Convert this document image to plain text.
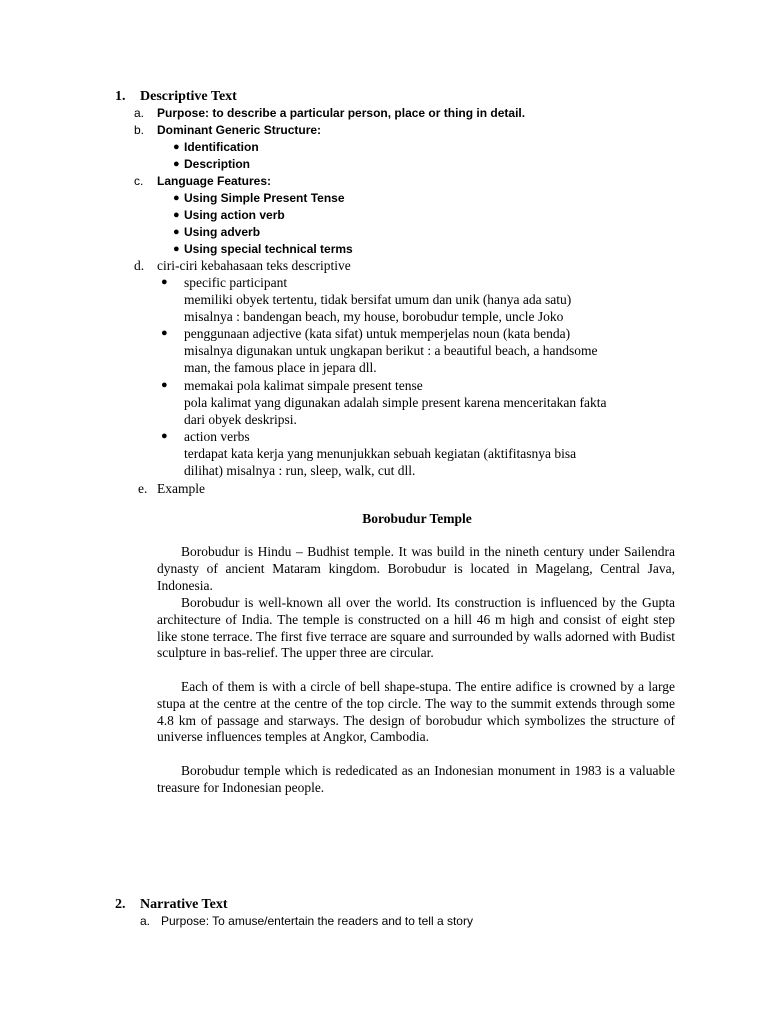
1. Descriptive Text
a. Purpose: to describe a particular person, place or thing in detail.
b. Dominant Generic Structure:
● Identification
● Description
c. Language Features:
● Using Simple Present Tense
● Using action verb
● Using adverb
● Using special technical terms
d. ciri-ciri kebahasaan teks descriptive
● specific participant
memiliki obyek tertentu, tidak bersifat umum dan unik (hanya ada satu)
misalnya : bandengan beach, my house, borobudur temple, uncle Joko
● penggunaan adjective (kata sifat) untuk memperjelas noun (kata benda)
misalnya digunakan untuk ungkapan berikut : a beautiful beach, a handsome
man, the famous place in jepara dll.
● memakai pola kalimat simpale present tense
pola kalimat yang digunakan adalah simple present karena menceritakan fakta
dari obyek deskripsi.
● action verbs
terdapat kata kerja yang menunjukkan sebuah kegiatan (aktifitasnya bisa
dilihat) misalnya : run, sleep, walk, cut dll.
e. Example
Borobudur Temple
Borobudur is Hindu – Budhist temple. It was build in the nineth century under Sailendra dynasty of ancient Mataram kingdom. Borobudur is located in Magelang, Central Java, Indonesia.
Borobudur is well-known all over the world. Its construction is influenced by the Gupta architecture of India. The temple is constructed on a hill 46 m high and consist of eight step like stone terrace. The first five terrace are square and surrounded by walls adorned with Budist sculpture in bas-relief. The upper three are circular.
Each of them is with a circle of bell shape-stupa. The entire adifice is crowned by a large stupa at the centre at the centre of the top circle. The way to the summit extends through some 4.8 km of passage and starways. The design of borobudur which symbolizes the structure of universe influences temples at Angkor, Cambodia.
Borobudur temple which is rededicated as an Indonesian monument in 1983 is a valuable treasure for Indonesian people.
2. Narrative Text
a. Purpose: To amuse/entertain the readers and to tell a story
